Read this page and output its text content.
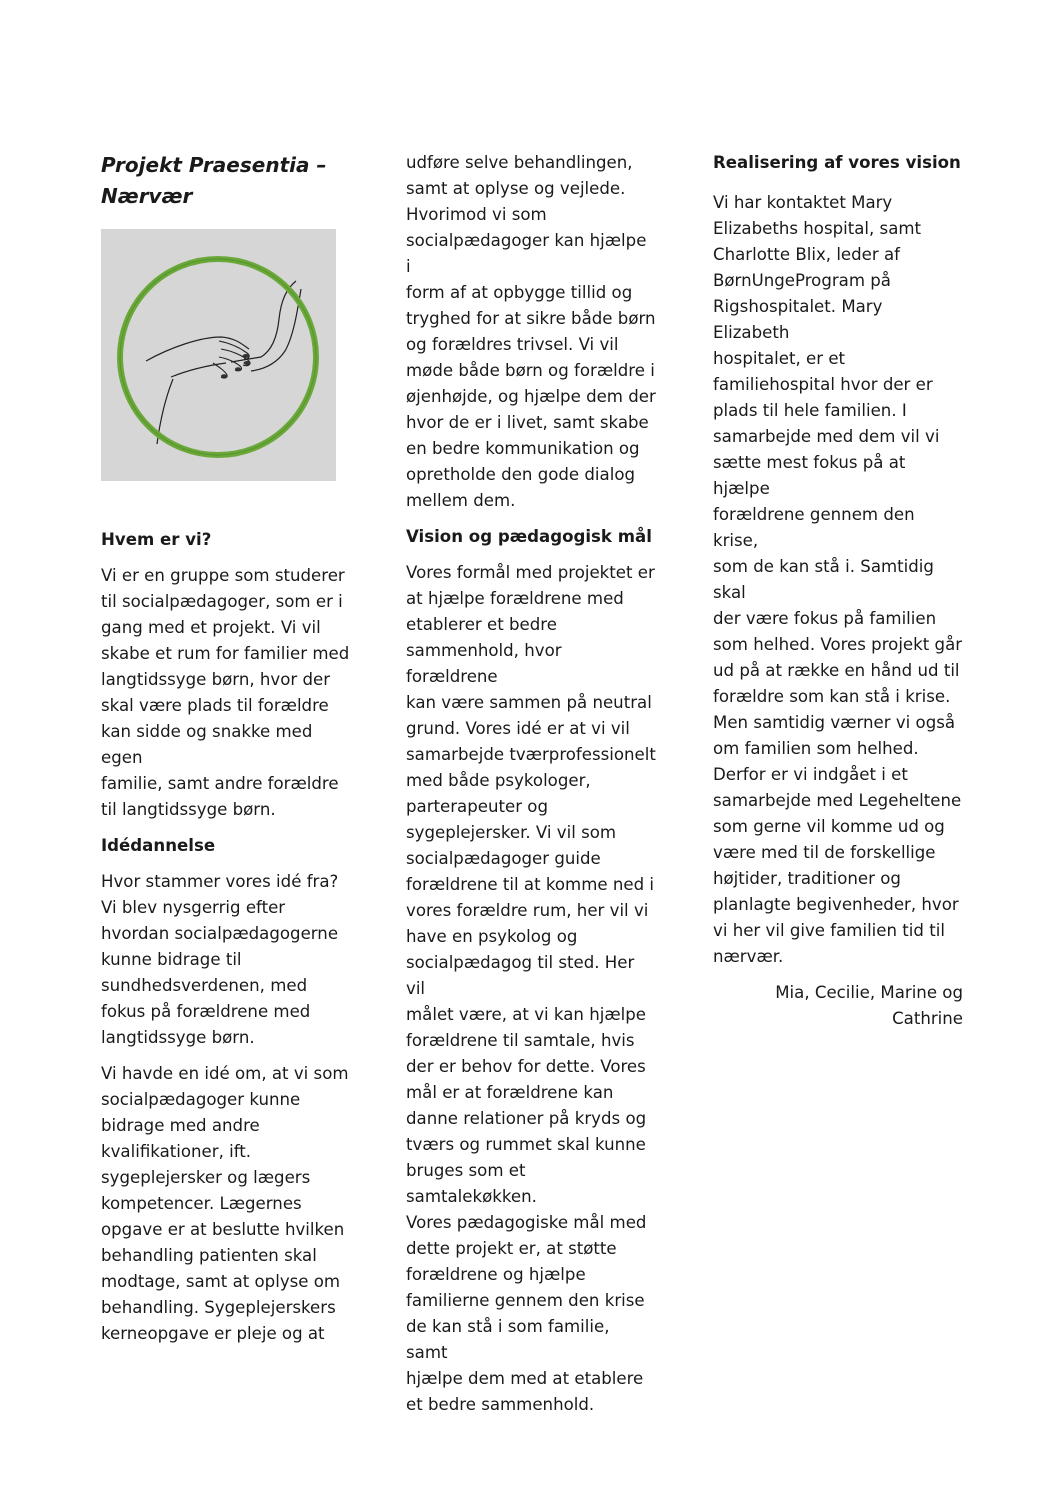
Projekt Praesentia –
Nærvær
Hvem er vi?

Vi er en gruppe som studerer
til socialpædagoger, som er i
gang med et projekt. Vi vil
skabe et rum for familier med
langtidssyge børn, hvor der
skal være plads til forældre
kan sidde og snakke med egen
familie, samt andre forældre
til langtidssyge børn.

Idédannelse

Hvor stammer vores idé fra?
Vi blev nysgerrig efter
hvordan socialpædagogerne
kunne bidrage til
sundhedsverdenen, med
fokus på forældrene med
langtidssyge børn.

Vi havde en idé om, at vi som
socialpædagoger kunne
bidrage med andre
kvalifikationer, ift.
sygeplejersker og lægers
kompetencer. Lægernes
opgave er at beslutte hvilken
behandling patienten skal
modtage, samt at oplyse om
behandling. Sygeplejerskers
kerneopgave er pleje og at

udføre selve behandlingen,
samt at oplyse og vejlede.
Hvorimod vi som
socialpædagoger kan hjælpe i
form af at opbygge tillid og
tryghed for at sikre både børn
og forældres trivsel. Vi vil
møde både børn og forældre i
øjenhøjde, og hjælpe dem der
hvor de er i livet, samt skabe
en bedre kommunikation og
opretholde den gode dialog
mellem dem.

Vision og pædagogisk mål

Vores formål med projektet er
at hjælpe forældrene med
etablerer et bedre
sammenhold, hvor forældrene
kan være sammen på neutral
grund. Vores idé er at vi vil
samarbejde tværprofessionelt
med både psykologer,
parterapeuter og
sygeplejersker. Vi vil som
socialpædagoger guide
forældrene til at komme ned i
vores forældre rum, her vil vi
have en psykolog og
socialpædagog til sted. Her vil
målet være, at vi kan hjælpe
forældrene til samtale, hvis
der er behov for dette. Vores
mål er at forældrene kan
danne relationer på kryds og
tværs og rummet skal kunne
bruges som et samtalekøkken.
Vores pædagogiske mål med
dette projekt er, at støtte
forældrene og hjælpe
familierne gennem den krise
de kan stå i som familie, samt
hjælpe dem med at etablere
et bedre sammenhold.

Realisering af vores vision

Vi har kontaktet Mary
Elizabeths hospital, samt
Charlotte Blix, leder af
BørnUngeProgram på
Rigshospitalet. Mary Elizabeth
hospitalet, er et
familiehospital hvor der er
plads til hele familien. I
samarbejde med dem vil vi
sætte mest fokus på at hjælpe
forældrene gennem den krise,
som de kan stå i. Samtidig skal
der være fokus på familien
som helhed. Vores projekt går
ud på at række en hånd ud til
forældre som kan stå i krise.
Men samtidig værner vi også
om familien som helhed.
Derfor er vi indgået i et
samarbejde med Legeheltene
som gerne vil komme ud og
være med til de forskellige
højtider, traditioner og
planlagte begivenheder, hvor
vi her vil give familien tid til
nærvær.

Mia, Cecilie, Marine og
Cathrine
